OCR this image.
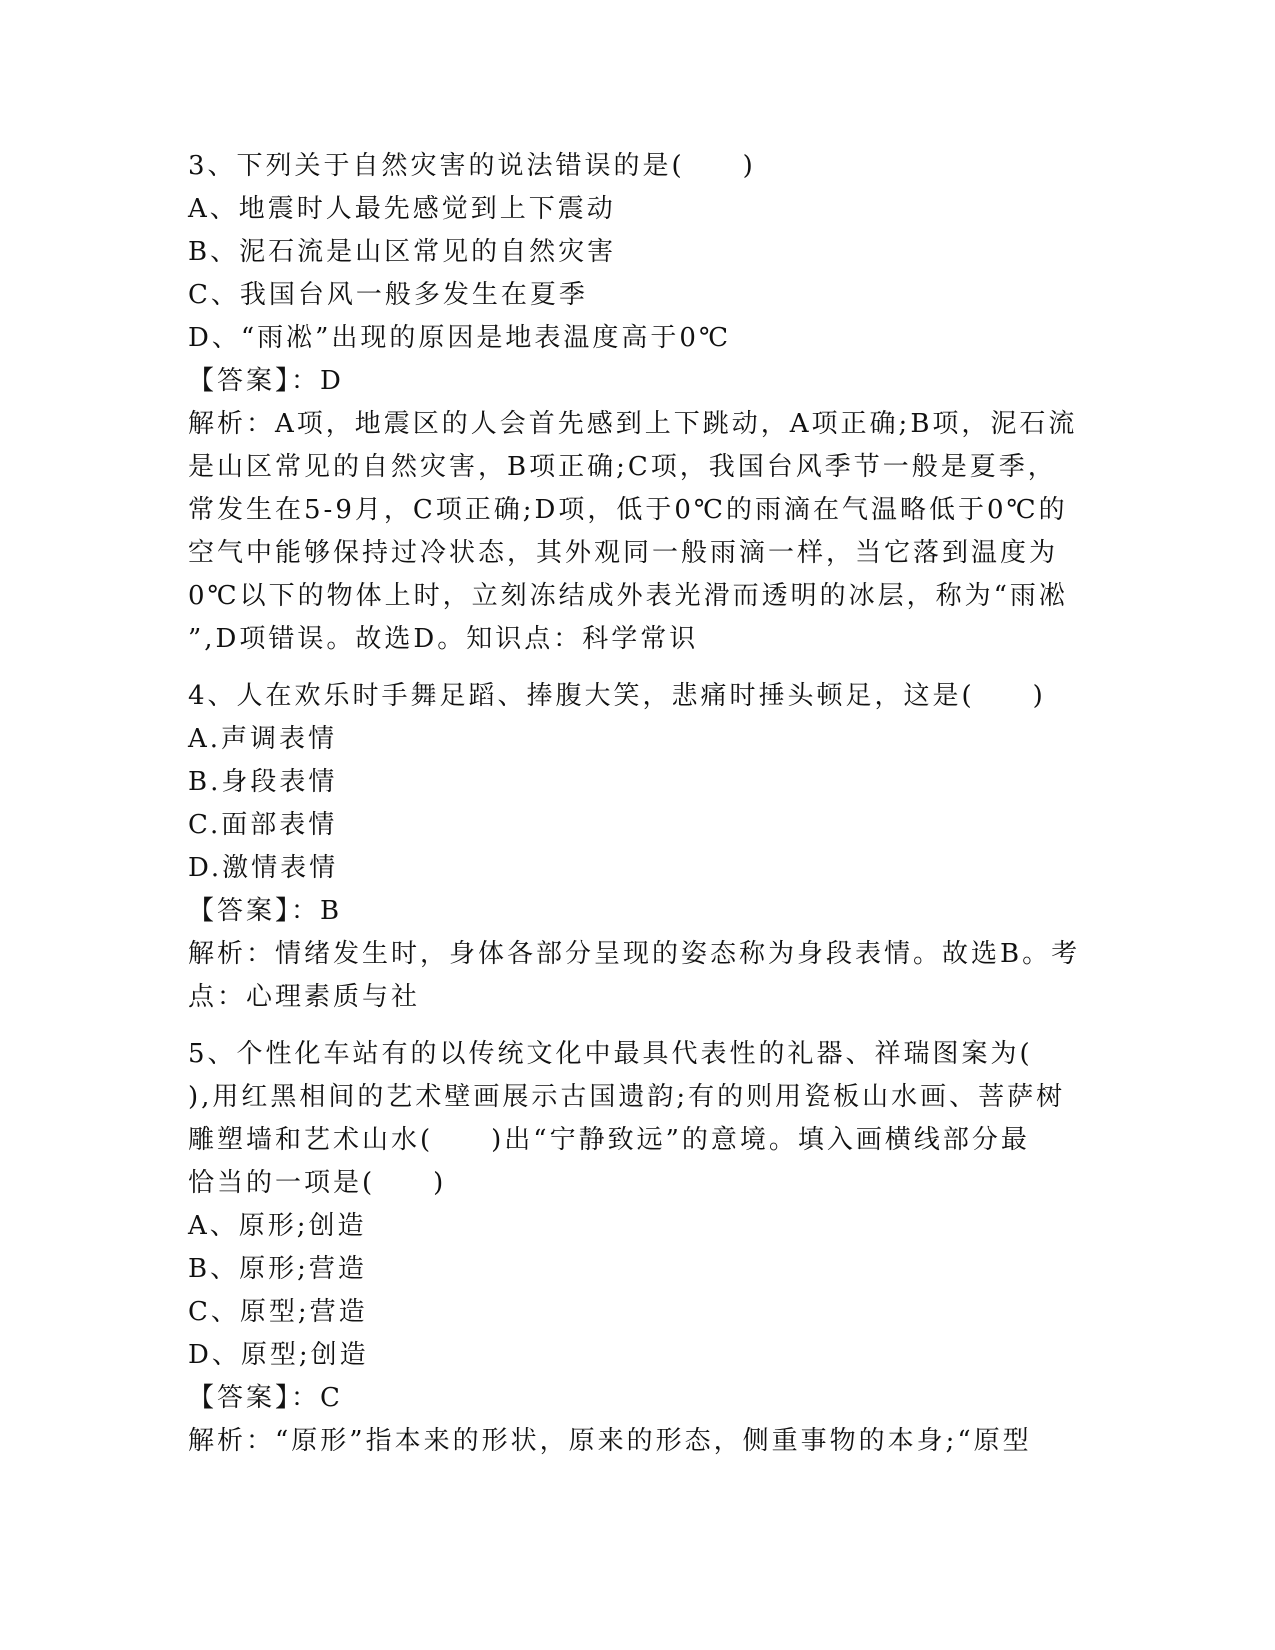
3、下列关于自然灾害的说法错误的是(　　)

A、地震时人最先感觉到上下震动

B、泥石流是山区常见的自然灾害

C、我国台风一般多发生在夏季

D、“雨凇”出现的原因是地表温度高于0℃

【答案】：D

解析：A项，地震区的人会首先感到上下跳动，A项正确;B项，泥石流
是山区常见的自然灾害，B项正确;C项，我国台风季节一般是夏季，
常发生在5-9月，C项正确;D项，低于0℃的雨滴在气温略低于0℃的
空气中能够保持过冷状态，其外观同一般雨滴一样，当它落到温度为
0℃以下的物体上时，立刻冻结成外表光滑而透明的冰层，称为“雨凇
”,D项错误。故选D。知识点：科学常识

4、人在欢乐时手舞足蹈、捧腹大笑，悲痛时捶头顿足，这是(　　)

A.声调表情

B.身段表情

C.面部表情

D.激情表情

【答案】：B

解析：情绪发生时，身体各部分呈现的姿态称为身段表情。故选B。考
点：心理素质与社
5、个性化车站有的以传统文化中最具代表性的礼器、祥瑞图案为(
),用红黑相间的艺术壁画展示古国遗韵;有的则用瓷板山水画、菩萨树
雕塑墙和艺术山水(　　)出“宁静致远”的意境。填入画横线部分最
恰当的一项是(　　)

A、原形;创造

B、原形;营造

C、原型;营造

D、原型;创造

【答案】：C

解析：“原形”指本来的形状，原来的形态，侧重事物的本身;“原型
